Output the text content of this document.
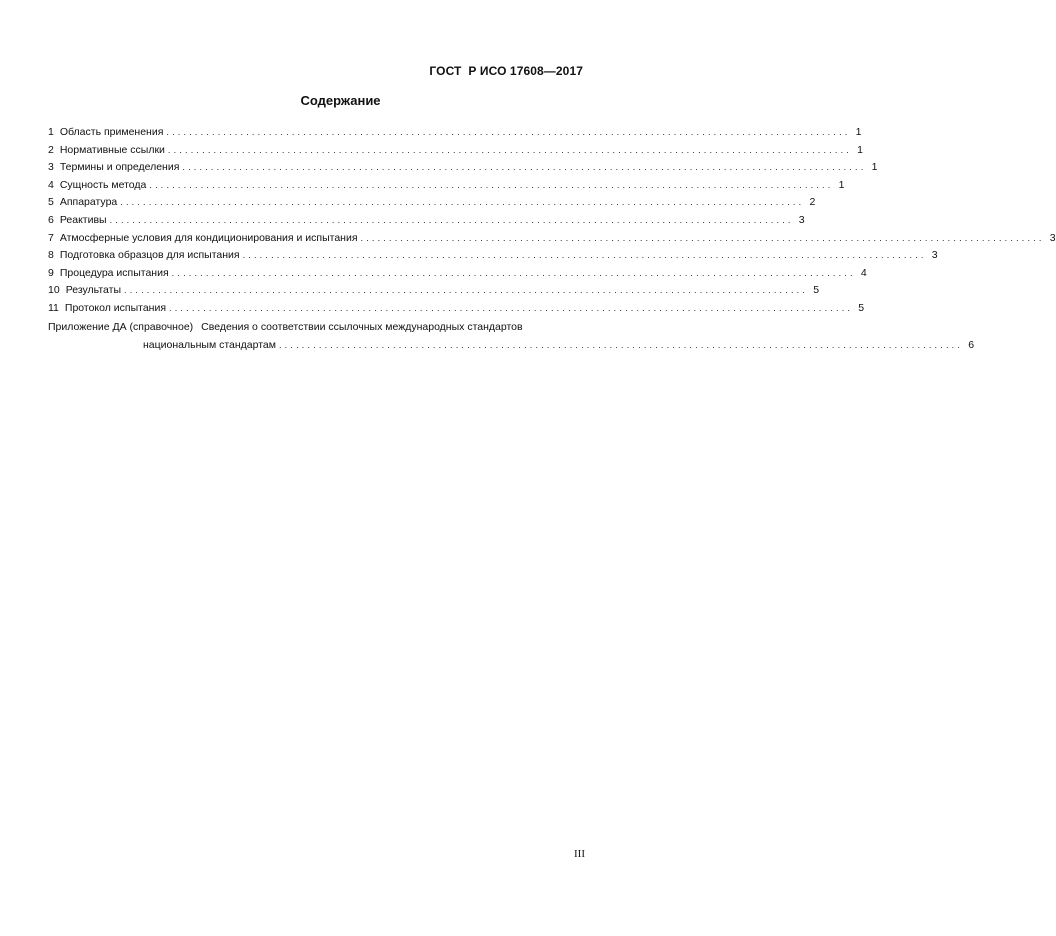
ГОСТ  Р ИСО 17608—2017
Содержание
1 Область применения ........................................................................................................................ 1
2 Нормативные ссылки ........................................................................................................................ 1
3 Термины и определения ........................................................................................................................ 1
4 Сущность метода ........................................................................................................................ 1
5 Аппаратура ........................................................................................................................ 2
6 Реактивы ........................................................................................................................ 3
7 Атмосферные условия для кондиционирования и испытания ........................................................................................................................ 3
8 Подготовка образцов для испытания ........................................................................................................................ 3
9 Процедура испытания ........................................................................................................................ 4
10 Результаты ........................................................................................................................ 5
11 Протокол испытания ........................................................................................................................ 5
Приложение ДА (справочное) Сведения о соответствии ссылочных международных стандартов
национальным стандартам ........................................................................................................................ 6
III
